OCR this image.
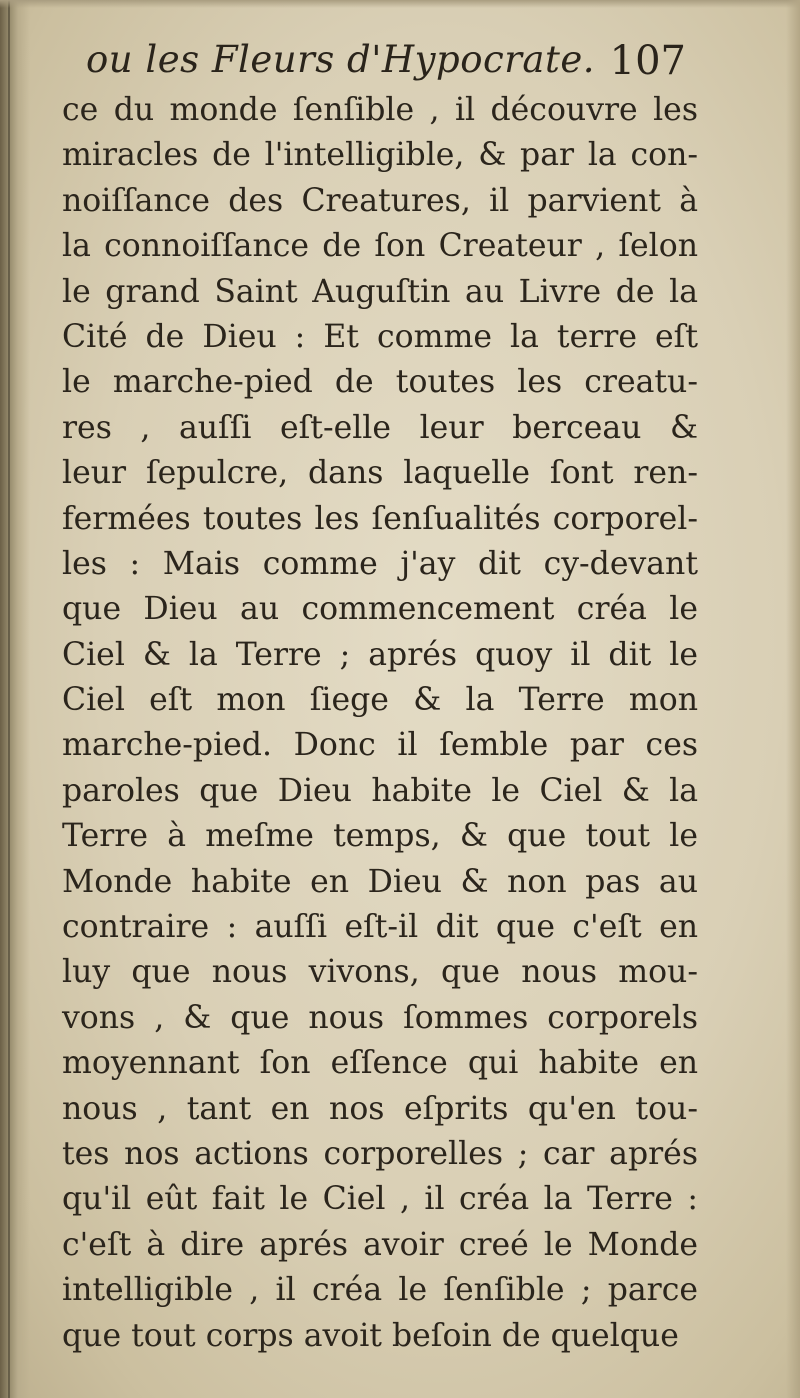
ou les Fleurs d'Hypocrate. 107
ce du monde ſenſible , il découvre les
miracles de l'intelligible, & par la con-
noiſſance des Creatures, il parvient à
la connoiſſance de ſon Createur , ſelon
le grand Saint Auguſtin au Livre de la
Cité de Dieu : Et comme la terre eſt
le marche-pied de toutes les creatu-
res , auſſi eſt-elle leur berceau &
leur ſepulcre, dans laquelle ſont ren-
fermées toutes les ſenſualités corporel-
les : Mais comme j'ay dit cy-devant
que Dieu au commencement créa le
Ciel & la Terre ; aprés quoy il dit le
Ciel eſt mon ſiege & la Terre mon
marche-pied. Donc il ſemble par ces
paroles que Dieu habite le Ciel & la
Terre à meſme temps, & que tout le
Monde habite en Dieu & non pas au
contraire : auſſi eſt-il dit que c'eſt en
luy que nous vivons, que nous mou-
vons , & que nous ſommes corporels
moyennant ſon eſſence qui habite en
nous , tant en nos eſprits qu'en tou-
tes nos actions corporelles ; car aprés
qu'il eût fait le Ciel , il créa la Terre :
c'eſt à dire aprés avoir creé le Monde
intelligible , il créa le ſenſible ; parce
que tout corps avoit beſoin de quelque
